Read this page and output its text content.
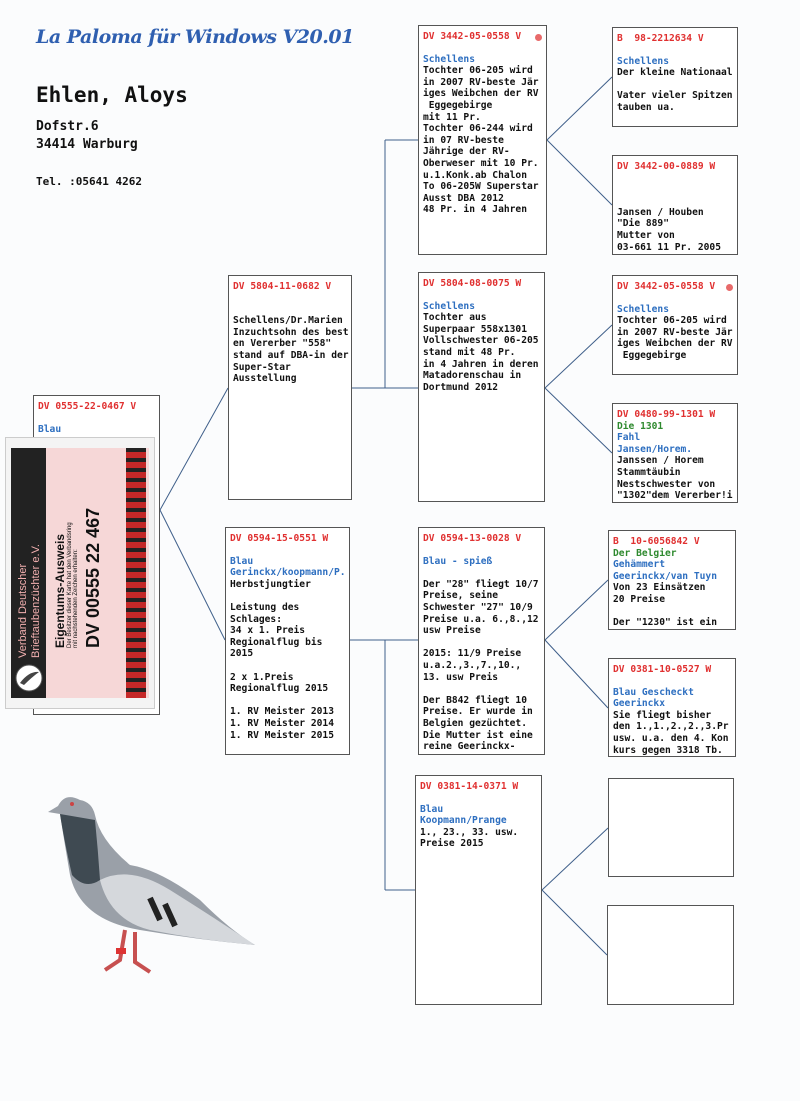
La Paloma für Windows V20.01
Ehlen, Aloys
Dofstr.6
34414 Warburg
Tel. :05641 4262
DV 0555-22-0467 V
Blau
DV 5804-11-0682 V
Schellens/Dr.Marien
Inzuchtsohn des best
en Vererber "558"
stand auf DBA-in der
Super-Star
Ausstellung
DV 0594-15-0551 W
Blau
Gerinckx/koopmann/P.
Herbstjungtier
Leistung des
Schlages:
34 x 1. Preis
Regionalflug bis
2015
2 x 1.Preis
Regionalflug 2015
1. RV Meister 2013
1. RV Meister 2014
1. RV Meister 2015
DV 3442-05-0558 V
Schellens
Tochter 06-205 wird
in 2007 RV-beste Jär
iges Weibchen der RV
Eggegebirge
mit 11 Pr.
Tochter 06-244 wird
in 07 RV-beste
Jährige der RV-
Oberweser mit 10 Pr.
u.1.Konk.ab Chalon
To 06-205W Superstar
Ausst DBA 2012
48 Pr. in 4 Jahren
DV 5804-08-0075 W
Schellens
Tochter aus
Superpaar 558x1301
Vollschwester 06-205
stand mit 48 Pr.
in 4 Jahren in deren
Matadorenschau in
Dortmund 2012
DV 0594-13-0028 V
Blau - spieß
Der "28" fliegt 10/7
Preise, seine
Schwester "27" 10/9
Preise u.a. 6.,8.,12
usw Preise
2015: 11/9 Preise
u.a.2.,3.,7.,10.,
13. usw Preis
Der B842 fliegt 10
Preise. Er wurde in
Belgien gezüchtet.
Die Mutter ist eine
reine Geerinckx-
DV 0381-14-0371 W
Blau
Koopmann/Prange
1., 23., 33. usw.
Preise 2015
B  98-2212634 V
Schellens
Der kleine Nationaal
Vater vieler Spitzen
tauben ua.
DV 3442-00-0889 W
Jansen / Houben
"Die 889"
Mutter von
03-661 11 Pr. 2005
DV 3442-05-0558 V
Schellens
Tochter 06-205 wird
in 2007 RV-beste Jär
iges Weibchen der RV
Eggegebirge
DV 0480-99-1301 W
Die 1301
Fahl
Jansen/Horem.
Janssen / Horem
Stammtäubin
Nestschwester von
"1302"dem Vererber!i
B  10-6056842 V
Der Belgier
Gehämmert
Geerinckx/van Tuyn
Von 23 Einsätzen
20 Preise
Der "1230" ist ein
DV 0381-10-0527 W
Blau Gescheckt
Geerinckx
Sie fliegt bisher
den 1.,1.,2.,2.,3.Pr
usw. u.a. den 4. Kon
kurs gegen 3318 Tb.
Verband Deutscher Brieftaubenzüchter e.V. Eigentums-Ausweis Der Besitzer dieser Karte hat den Verbandsring mit nachstehenden Zeichen erhalten: DV 00555 22 467
